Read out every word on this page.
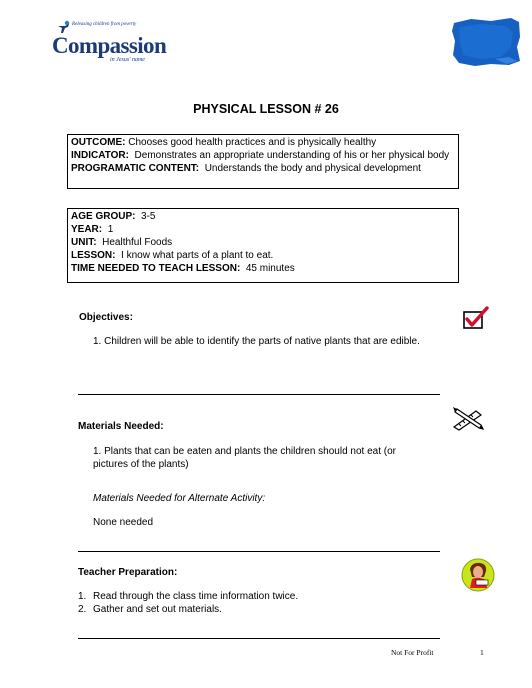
Releasing children from poverty
Compassion
in Jesus' name
PHYSICAL LESSON # 26
OUTCOME: Chooses good health practices and is physically healthy
INDICATOR: Demonstrates an appropriate understanding of his or her physical body
PROGRAMATIC CONTENT: Understands the body and physical development
AGE GROUP: 3-5
YEAR: 1
UNIT: Healthful Foods
LESSON: I know what parts of a plant to eat.
TIME NEEDED TO TEACH LESSON: 45 minutes
Objectives:
1. Children will be able to identify the parts of native plants that are edible.
Materials Needed:
1. Plants that can be eaten and plants the children should not eat (or pictures of the plants)
Materials Needed for Alternate Activity:
None needed
Teacher Preparation:
1. Read through the class time information twice.
2. Gather and set out materials.
Not For Profit	1
